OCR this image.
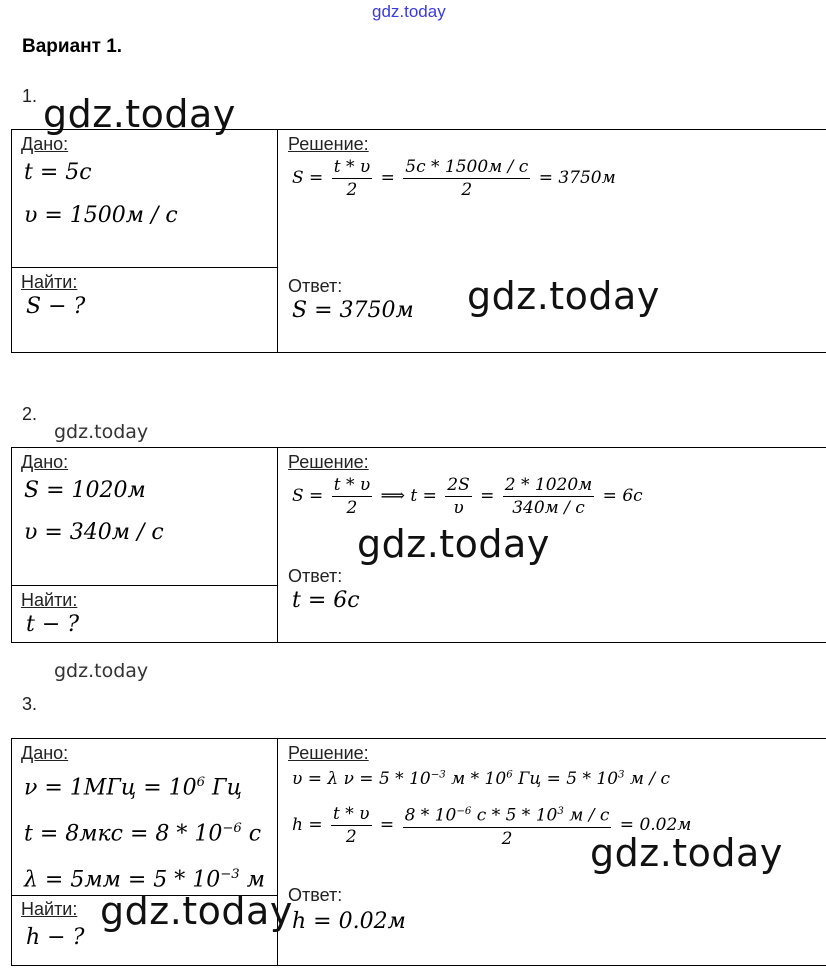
gdz.today
Вариант 1.
1. gdz.today
Дано:
t = 5c
υ = 1500м / c
Найти:
S − ?
Решение:
$S = \frac{t * \upsilon}{2} = \frac{5c * 1500м / c}{2} = 3750м$
Ответ:
S = 3750м gdz.today
2.
gdz.today
Дано:
S = 1020м
υ = 340м / c
Найти:
t − ?
Решение:
$S = \frac{t * \upsilon}{2}$ ⟹ $t = \frac{2S}{\upsilon} = \frac{2 * 1020м}{340м / c} = 6c$
gdz.today
Ответ:
t = 6c
gdz.today
3.
Дано:
$\nu = 1МГц = 10^6$ Гц
$t = 8мкс = 8 * 10^{-6}$ c
$\lambda = 5мм = 5 * 10^{-3}$ м
Найти:
h − ?
gdz.today
Решение:
υ = λ $\nu = 5 * 10^{-3}$ м * $10^6$ Гц = $5 * 10^3$ м / c
$h = \frac{t * \upsilon}{2} = \frac{8 * 10^{-6} c * 5 * 10^3 м / c}{2} = 0.02м$
gdz.today
Ответ:
h = 0.02м
